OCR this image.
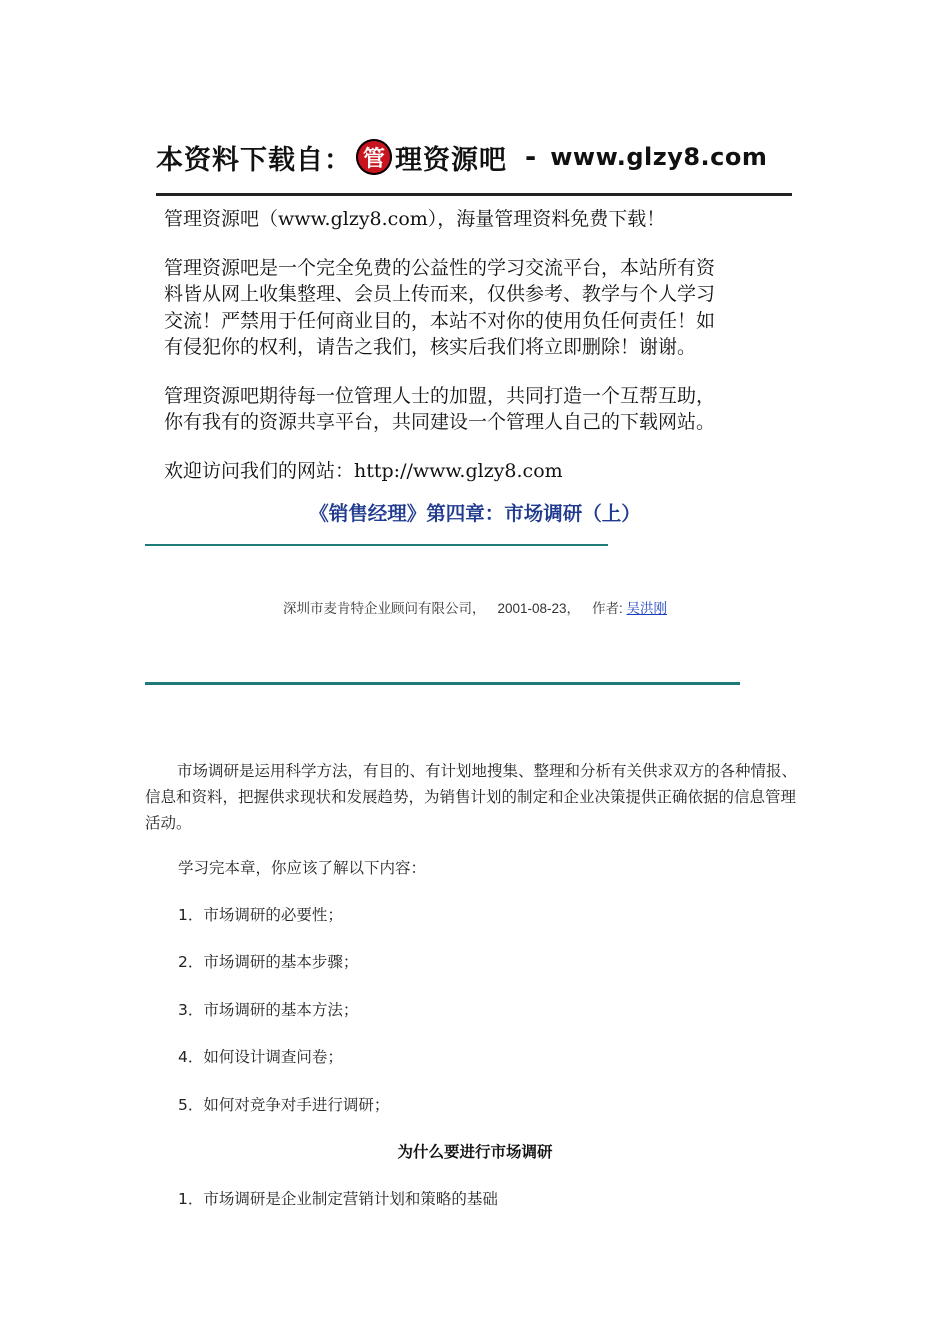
本资料下载自： 管 理资源吧 - www.glzy8.com

管理资源吧（www.glzy8.com），海量管理资料免费下载！

管理资源吧是一个完全免费的公益性的学习交流平台，本站所有资

料皆从网上收集整理、会员上传而来，仅供参考、教学与个人学习

交流！严禁用于任何商业目的，本站不对你的使用负任何责任！如

有侵犯你的权利，请告之我们，核实后我们将立即删除！谢谢。

管理资源吧期待每一位管理人士的加盟，共同打造一个互帮互助，

你有我有的资源共享平台，共同建设一个管理人自己的下载网站。

欢迎访问我们的网站：http://www.glzy8.com

《销售经理》第四章：市场调研（上）
深圳市麦肯特企业顾问有限公司， 2001-08-23， 作者: 吴洪刚
市场调研是运用科学方法，有目的、有计划地搜集、整理和分析有关供求双方的各种情报、信息和资料，把握供求现状和发展趋势，为销售计划的制定和企业决策提供正确依据的信息管理活动。
学习完本章，你应该了解以下内容：
1．市场调研的必要性；
2．市场调研的基本步骤；
3．市场调研的基本方法；
4．如何设计调查问卷；
5．如何对竞争对手进行调研；
为什么要进行市场调研
1．市场调研是企业制定营销计划和策略的基础
